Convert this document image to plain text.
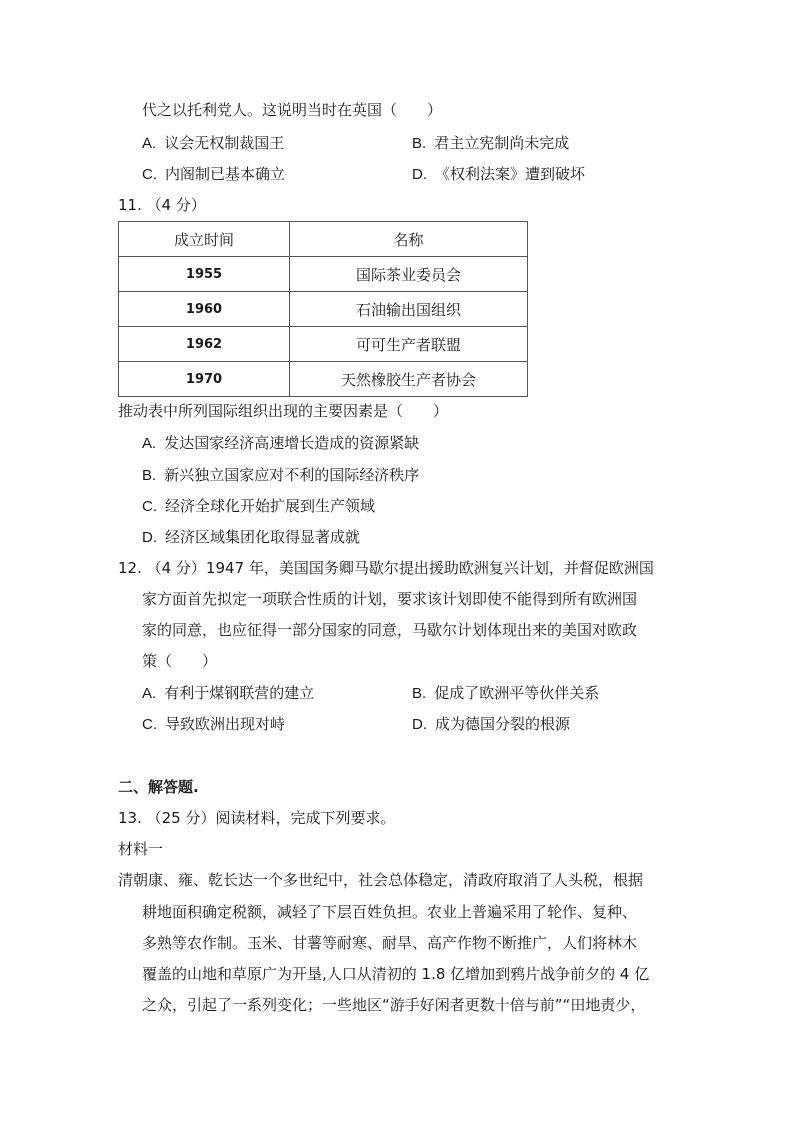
代之以托利党人。这说明当时在英国（　　）
A. 议会无权制裁国王	B. 君主立宪制尚未完成
C. 内阁制已基本确立	D. 《权利法案》遭到破坏
11. （4 分）
成立时间	名称
1955	国际茶业委员会
1960	石油输出国组织
1962	可可生产者联盟
1970	天然橡胶生产者协会
推动表中所列国际组织出现的主要因素是（　　）
A. 发达国家经济高速增长造成的资源紧缺
B. 新兴独立国家应对不利的国际经济秩序
C. 经济全球化开始扩展到生产领域
D. 经济区域集团化取得显著成就
12. （4 分）1947 年，美国国务卿马歇尔提出援助欧洲复兴计划，并督促欧洲国
家方面首先拟定一项联合性质的计划，要求该计划即使不能得到所有欧洲国
家的同意，也应征得一部分国家的同意，马歇尔计划体现出来的美国对欧政
策（　　）
A. 有利于煤钢联营的建立	B. 促成了欧洲平等伙伴关系
C. 导致欧洲出现对峙	D. 成为德国分裂的根源
二、解答题.
13. （25 分）阅读材料，完成下列要求。
材料一
清朝康、雍、乾长达一个多世纪中，社会总体稳定，清政府取消了人头税，根据
耕地面积确定税额，减轻了下层百姓负担。农业上普遍采用了轮作、复种、
多熟等农作制。玉米、甘薯等耐寒、耐旱、高产作物不断推广，人们将林木
覆盖的山地和草原广为开垦,人口从清初的 1.8 亿增加到鸦片战争前夕的 4 亿
之众，引起了一系列变化；一些地区“游手好闲者更数十倍与前”“田地责少，
